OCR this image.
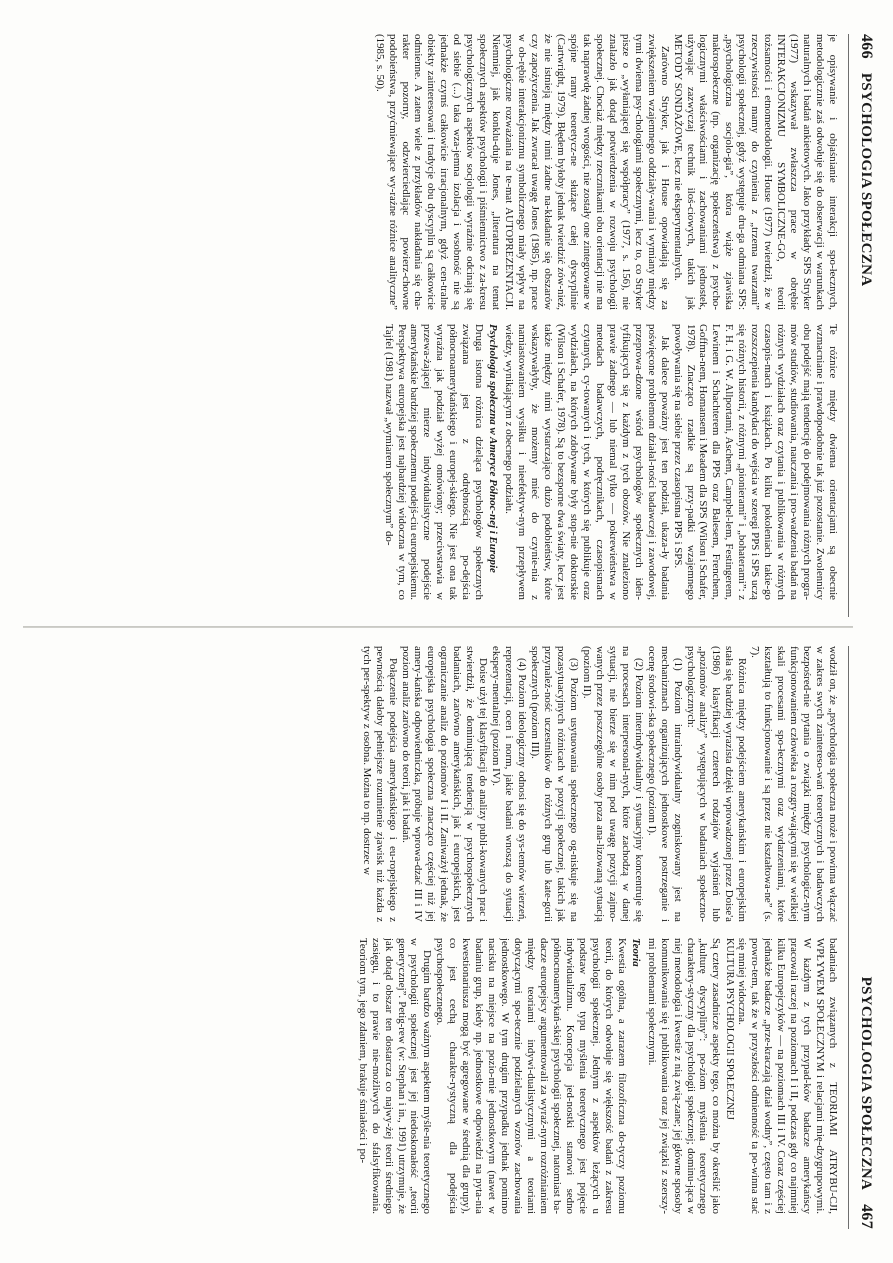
466
PSYCHOLOGIA SPOŁECZNA

je opisywanie i objaśnianie interakcji spo-łecznych, metodologicznie zaś odwołuje się do obserwacji w warunkach naturalnych i badań ankietowych. Jako przykłady SPS Stryker (1977) wskazywał zwłaszcza prace w obrębie INTERAKCJONIZMU SYMBOLICZNE-GO, teorii tożsamości i etnometodologii. House (1977) twierdził, że w rzeczywistości mamy do czynienia z „trzema twarzami” psychologii społecznej, gdyż występuje dru-ga odmiana SPS: „psychologiczna socjolo-gia”, która wiąże zjawiska makrospołeczne (np. organizację społeczeństwa) z psycho-logicznymi właściwościami i zachowaniami jednostek, używając zazwyczaj technik iloś-ciowych, takich jak METODY SONDAŻOWE, lecz nie eksperymentalnych.

Zarówno Stryker, jak i House opowiadają się za zwiększeniem wzajemnego oddziały-wania i wymiany między tymi dwiema psy-chologiami społecznymi, lecz to, co Stryker pisze o „wyłaniającej się współpracy” (1977, s. 156), nie znalazło jak dotąd potwierdzenia w rozwoju psychologii społecznej. Chociaż między rzecznikami obu orientacji nie ma tak naprawdę żadnej wrogości, nie zostały one zintegrowane w spójne ramy teoretycz-ne służące całej dyscyplinie (Cartwright, 1979). Błędem byłoby jednak twierdzić zów-nież, że nie istnieją między nimi żadne na-kładanie się obszarów czy zapożyczenia. Jak zwracał uwagę Jones (1985), np. prace w ob-rębie interakcjonizmu symbolicznego miały wpływ na psychologiczne rozważania na te-mat AUTOPREZENTACJI. Niemniej, jak konklu-duje Jones, „literatura na temat społecznych aspektów psychologii i piśmiennictwo z za-kresu psychologicznych aspektów socjologii wyraźnie odcinają się od siebie (...) taka wza-jemna izolacja i wsobność nie są jednakże czymś całkowicie irracjonalnym, gdyż cen-tralne obiekty zainteresowań i tradycje obu dyscyplin są całkowicie odmienne. A zatem wiele z przykładów nakładania się cha-rakter pozorny, odzwierciedlając powierz-chowne podobieństwa, przyćmiewające wy-raźne różnice analityczne” (1985, s. 50).

Te różnice między dwiema orientacjami są obecnie wzmacniane i prawdopodobnie tak już pozostanie. Zwolennicy obu podejść mają tendencję do podejmowania różnych progra-mów studiów, studiowania, nauczania i pro-wadzenia badań na różnych wydziałach oraz czytania i publikowania w różnych czasopis-mach i książkach. Po kilku pokoleniach takie-go rozszczepienia kandydaci do wejścia w szeregi PPS i SPS uczą się różnych historii, z różnymi „pionierami” i „bohaterami”: z F. H. i G. W. Allportami, Aschem, Campbel-lem, Festingerem, Lewinem i Schachterem dla PPS oraz Balesem, Frenchem, Goffma-nem, Homansem i Meadem dla SPS (Wilson i Schafer, 1978). Znacząco rzadkie są przy-padki wzajemnego powoływania się na siebie przez czasopisma PPS i SPS.

Jak dalece poważny jest ten podział, ukaza-ły badania poświęcone problemom działal-ności badawczej i zawodowej, przeprowa-dzone wśród psychologów społecznych iden-tyfikujących się z każdym z tych obozów. Nie znaleziono prawie żadnego — lub niemal tylko — pokrewieństwa w metodach badawczych, podręcznikach, czasopismach czytanych, cy-towanych i tych, w których się publikuje oraz wydziałach, na których zdobywane były stop-nie doktorskie (Wilson i Schafer, 1978). Są to bezsporne dwa światy, lecz jest także między nimi wystarczająco dużo podobieństw, które wskazywałyby, że możemy mieć do czynie-nia z namiastowaniem wysiłku i nieefektyw-nym przepływem wiedzy, wynikającym z obecnego podziału.

Psychologia społeczna w Ameryce Północ-nej i Europie

Druga istotna różnica dzieląca psychologów społecznych związana jest z odrębnością po-dejścia północnoamerykańskiego i europej-skiego. Nie jest ona tak wyraźna jak podział wyżej omówiony; przeciwstawia w przewa-żającej mierze indywidualistyczne podejście amerykańskie bardziej społecznemu podejś-ciu europejskiemu. Perspektywa europejska jest najbardziej widoczna w tym, co Tajfel (1981) nazwał „wymiarem społecznym” do-

PSYCHOLOGIA SPOŁECZNA
467

wodził on, że „psychologia społeczna może i powinna włączać w zakres swych zaintereso-wań teoretycznych i badawczych bezpośred-nie pytania o związki między psychologicz-nym funkcjonowaniem człowieka a rozgry-wającymi się w wielkiej skali procesami spo-łecznymi oraz wydarzeniami, które kształtują to funkcjonowanie i są przez nie kształtowa-ne” (s. 7).

Różnica między podejściem amerykańskim i europejskim stała się bardziej wyrazista dzięki wprowadzonej przez Doise'a (1986) klasyfikacji czterech rodzajów wyjaśnień lub „poziomów analizy” występujących w badaniach społeczno-psychologicznych:

(1) Poziom intraindywidualny zogniskowany jest na mechanizmach organizujących jednostkowe postrzeganie i ocenę środowi-ska społecznego (poziom I).

(2) Poziom interindywidualny i sytuacyjny koncentruje się na procesach interpersonal-nych, które zachodzą w danej sytuacji, nie bierze się w nim pod uwagę pozycji zajmo-wanych przez poszczególne osoby poza ana-lizowaną sytuacją (poziom II).

(3) Poziom usytuowania społecznego og-niskuje się na pozasytuacyjnych różnicach w pozycji społecznej, takich jak przynależ-ność uczestników do różnych grup lub kate-gorii społecznych (poziom III).

(4) Poziom ideologiczny odnosi się do sys-temów wierzeń, reprezentacji, ocen i norm, jakie badani wnoszą do sytuacji ekspery-mentalnej (poziom IV).

Doise użył tej klasyfikacji do analizy publi-kowanych prac i stwierdził, że dominującą tendencją w psychospołecznych badaniach, zarówno amerykańskich, jak i europejskich, jest ograniczanie analiz do poziomów I i II. Zaniważył jednak, że europejska psychologia społeczna znacząco częściej niż jej amery-kańska odpowiedniczka, próbuje wprowa-dzać III i IV poziom analiz zarówno do teorii, jak i badań.

Połączenie podejścia amerykańskiego i eu-ropejskiego z pewnością dałoby pełniejsze rozumienie zjawisk niż każda z tych per-spektyw z osobna. Można to np. dostrzec w

badaniach związanych z TEORIAMI ATRYBU-CJI, WPŁYWEM SPOŁECZNYM i relacjami mię-dzygrupowymi. W każdym z tych przypad-ków badacze amerykańscy pracowali raczej na poziomach I i II, podczas gdy co najmniej kilku Europejczyków — na poziomach III i IV. Coraz częściej jednakże badacze „prze-kraczają dział wodny”, często tam i z powro-tem, tak że w przyszłości odmienność ta po-winna stać się mniej widoczna.

KULTURA PSYCHOLOGII SPOŁECZNEJ

Są cztery zasadnicze aspekty tego, co można by określić jako „kulturę dyscypliny”: po-ziom myślenia teoretycznego charaktery-styczny dla psychologii społecznej; dominu-jąca w niej metodologia i kwestie z nią zwią-zane; jej główne sposoby komunikowania się i publikowania oraz jej związki z szerszy-mi problemami społecznymi.

Teoria

Kwestia ogólna, a zarazem filozoficzna do-tyczy poziomu teorii, do których odwołuje się większość badań z zakresu psychologii społecznej. Jednym z aspektów leżących u podstaw tego typu myślenia teoretycznego jest pojęcie indywidualizmu. Koncepcja jed-nostki stanowi sedno północnoamerykań-skiej psychologii społecznej, natomiast ba-dacze europejscy argumentowali za wyraź-nym rozróżnianiem między teoriami indywi-dualistycznymi a teoriami dotyczącymi spo-tecznie podzielanych wzorów zachowania jednostkowego. W tym drugim przypadku jednak pomimo nacisku na miejsce na pozio-mie jednostkowym (nawet w badaniu grup, kiedy np. jednostkowe odpowiedzi na pyta-nia kwestionariusza mogą być agregowane w średnią dla grupy), co jest cechą charakte-rystyczną dla podejścia psychospołecznego.

Drugim bardzo ważnym aspektem myśle-nia teoretycznego w psychologii społecznej jest jej niedoskonałość „teorii generycznej”. Petig-rew (w: Stephan i in., 1991) utrzymuje, że jak dotąd obszar ten dostarcza co najwy-żej teorii średniego zasięgu, i to prawie nie-możliwych do sfalsyfikowania. Teoriom tym, jego zdaniem, brakuje śmiałości i po-
